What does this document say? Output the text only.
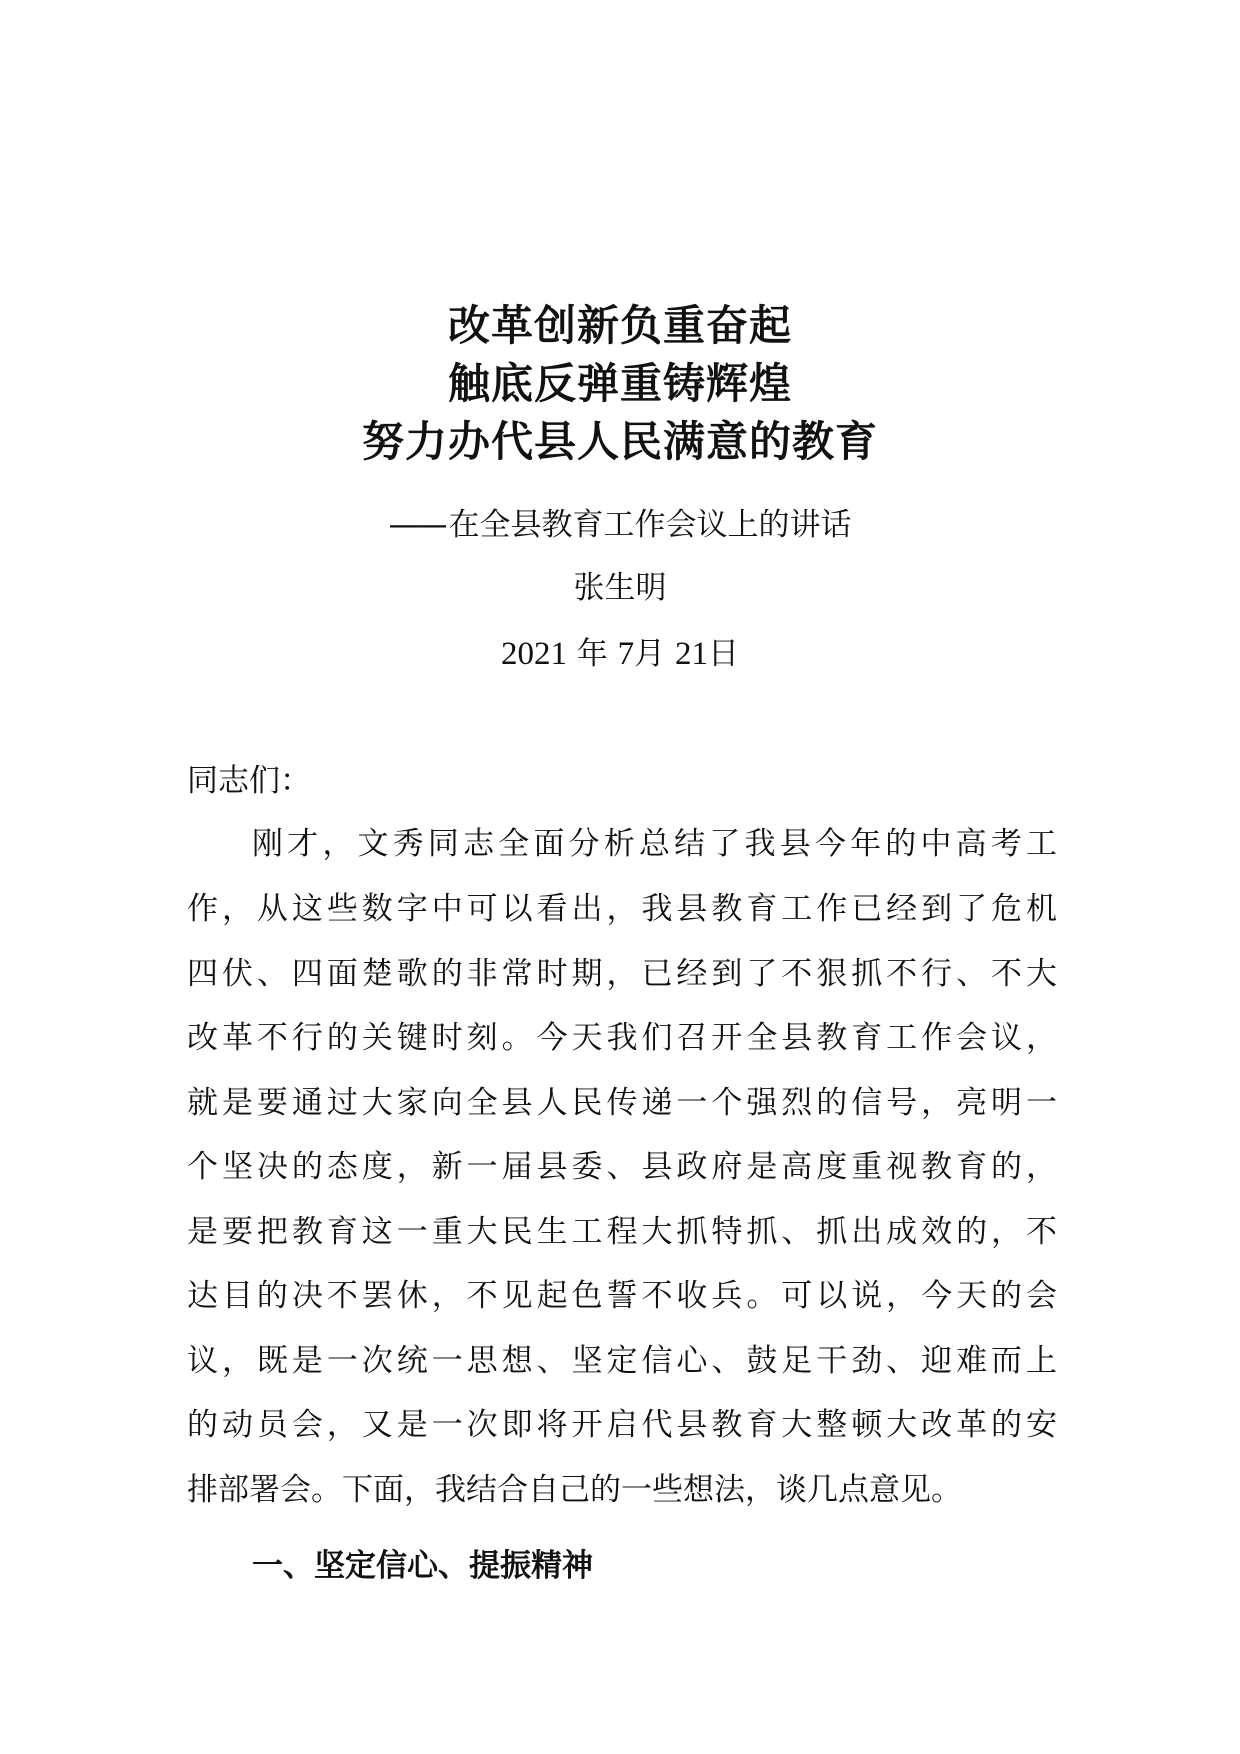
改革创新负重奋起
触底反弹重铸辉煌
努力办代县人民满意的教育
—— 在全县教育工作会议上的讲话
张生明
2021 年 7月 21日
同志们：
刚才，文秀同志全面分析总结了我县今年的中高考工
作，从这些数字中可以看出，我县教育工作已经到了危机
四伏、四面楚歌的非常时期，已经到了不狠抓不行、不大
改革不行的关键时刻。今天我们召开全县教育工作会议，
就是要通过大家向全县人民传递一个强烈的信号，亮明一
个坚决的态度，新一届县委、县政府是高度重视教育的，
是要把教育这一重大民生工程大抓特抓、抓出成效的，不
达目的决不罢休，不见起色誓不收兵。可以说，今天的会
议，既是一次统一思想、坚定信心、鼓足干劲、迎难而上
的动员会，又是一次即将开启代县教育大整顿大改革的安
排部署会。下面，我结合自己的一些想法，谈几点意见。
一、坚定信心、提振精神
